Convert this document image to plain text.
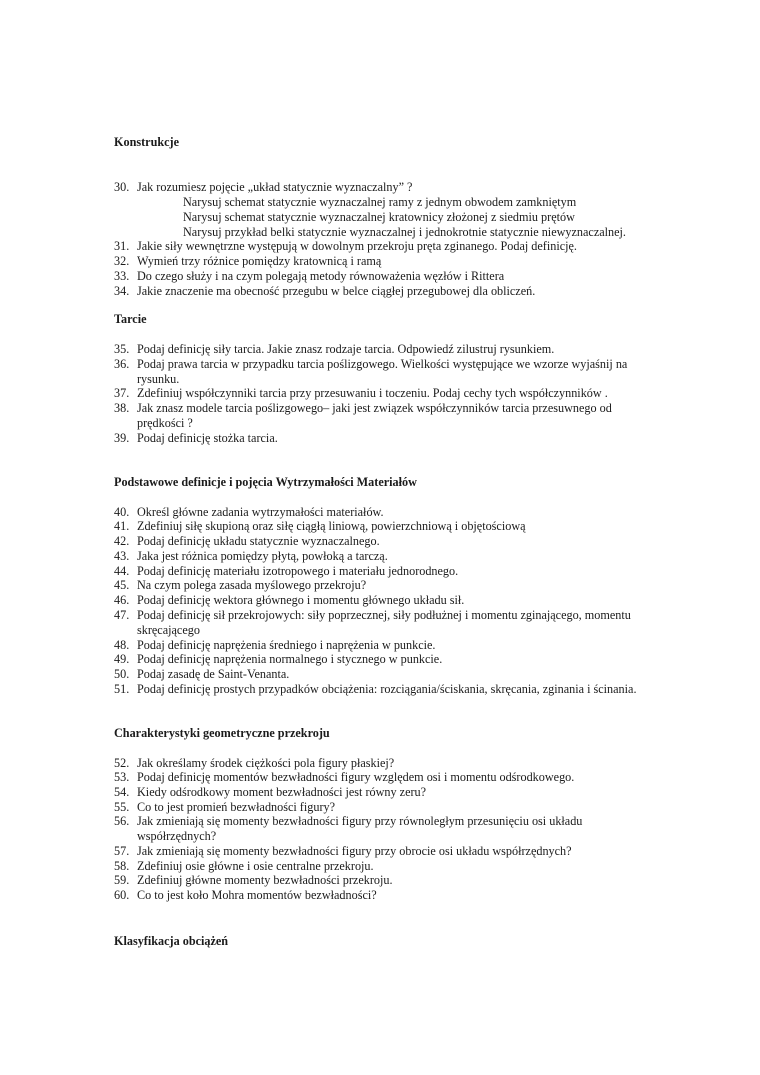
Konstrukcje
30. Jak rozumiesz pojęcie „układ statycznie wyznaczalny” ?
Narysuj schemat statycznie wyznaczalnej ramy z jednym obwodem zamkniętym
Narysuj schemat statycznie wyznaczalnej kratownicy złożonej z siedmiu prętów
Narysuj przykład belki statycznie wyznaczalnej i jednokrotnie statycznie niewyznaczalnej.
31. Jakie siły wewnętrzne występują w dowolnym przekroju pręta zginanego. Podaj definicję.
32. Wymień trzy różnice pomiędzy kratownicą i ramą
33. Do czego służy i na czym polegają metody równoważenia węzłów i Rittera
34. Jakie znaczenie ma obecność przegubu w belce ciągłej przegubowej dla obliczeń.
Tarcie
35. Podaj definicję siły tarcia. Jakie znasz rodzaje tarcia. Odpowiedź zilustruj rysunkiem.
36. Podaj prawa tarcia w przypadku tarcia poślizgowego. Wielkości występujące we wzorze wyjaśnij na rysunku.
37. Zdefiniuj współczynniki tarcia przy przesuwaniu i toczeniu. Podaj cechy tych współczynników .
38. Jak znasz modele tarcia poślizgowego– jaki jest związek współczynników tarcia przesuwnego od prędkości ?
39. Podaj definicję stożka tarcia.
Podstawowe definicje i pojęcia Wytrzymałości Materiałów
40. Określ główne zadania wytrzymałości materiałów.
41. Zdefiniuj siłę skupioną oraz siłę ciągłą liniową, powierzchniową i objętościową
42. Podaj definicję układu statycznie wyznaczalnego.
43. Jaka jest różnica pomiędzy płytą, powłoką a tarczą.
44. Podaj definicję materiału izotropowego i materiału jednorodnego.
45. Na czym polega zasada myślowego przekroju?
46. Podaj definicję wektora głównego i momentu głównego układu sił.
47. Podaj definicję sił przekrojowych: siły poprzecznej, siły podłużnej i momentu zginającego, momentu skręcającego
48. Podaj definicję naprężenia średniego i naprężenia w punkcie.
49. Podaj definicję naprężenia normalnego i stycznego w punkcie.
50. Podaj zasadę de Saint-Venanta.
51. Podaj definicję prostych przypadków obciążenia: rozciągania/ściskania, skręcania, zginania i ścinania.
Charakterystyki geometryczne przekroju
52. Jak określamy środek ciężkości pola figury płaskiej?
53. Podaj definicję momentów bezwładności figury względem osi i momentu odśrodkowego.
54. Kiedy odśrodkowy moment bezwładności jest równy zeru?
55. Co to jest promień bezwładności figury?
56. Jak zmieniają się momenty bezwładności figury przy równoległym przesunięciu osi układu współrzędnych?
57. Jak zmieniają się momenty bezwładności figury przy obrocie osi układu współrzędnych?
58. Zdefiniuj osie główne i osie centralne przekroju.
59. Zdefiniuj główne momenty bezwładności przekroju.
60. Co to jest koło Mohra momentów bezwładności?
Klasyfikacja obciążeń
